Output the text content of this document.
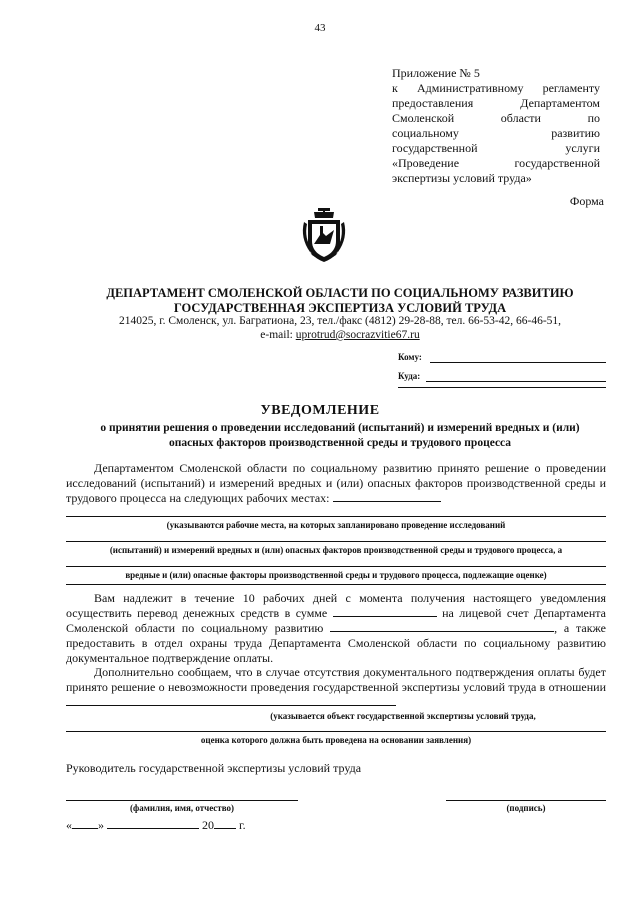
43
Приложение № 5
к Административному регламенту
предоставления Департаментом
Смоленской области по
социальному развитию
государственной услуги
«Проведение государственной
экспертизы условий труда»
Форма
ДЕПАРТАМЕНТ СМОЛЕНСКОЙ ОБЛАСТИ ПО СОЦИАЛЬНОМУ РАЗВИТИЮ
ГОСУДАРСТВЕННАЯ ЭКСПЕРТИЗА УСЛОВИЙ ТРУДА
214025, г. Смоленск, ул. Багратиона, 23, тел./факс (4812) 29-28-88, тел. 66-53-42, 66-46-51,
e-mail: uprotrud@socrazvitie67.ru
Кому:
Куда:
УВЕДОМЛЕНИЕ
о принятии решения о проведении исследований (испытаний) и измерений вредных и (или)
опасных факторов производственной среды и трудового процесса
Департаментом Смоленской области по социальному развитию принято решение о проведении исследований (испытаний) и измерений вредных и (или) опасных факторов производственной среды и трудового процесса на следующих рабочих местах:
(указываются рабочие места, на которых запланировано проведение исследований
(испытаний) и измерений вредных и (или) опасных факторов производственной среды и трудового процесса, а
вредные и (или) опасные факторы производственной среды и трудового процесса, подлежащие оценке)
Вам надлежит в течение 10 рабочих дней с момента получения настоящего уведомления осуществить перевод денежных средств в сумме	на лицевой счет Департамента Смоленской области по социальному развитию	, а также предоставить в отдел охраны труда Департамента Смоленской области по социальному развитию документальное подтверждение оплаты.
Дополнительно сообщаем, что в случае отсутствия документального подтверждения оплаты будет принято решение о невозможности проведения государственной экспертизы условий труда в отношении
(указывается объект государственной экспертизы условий труда,
оценка которого должна быть проведена на основании заявления)
Руководитель государственной экспертизы условий труда
(фамилия, имя, отчество)	(подпись)
« »	20 г.
